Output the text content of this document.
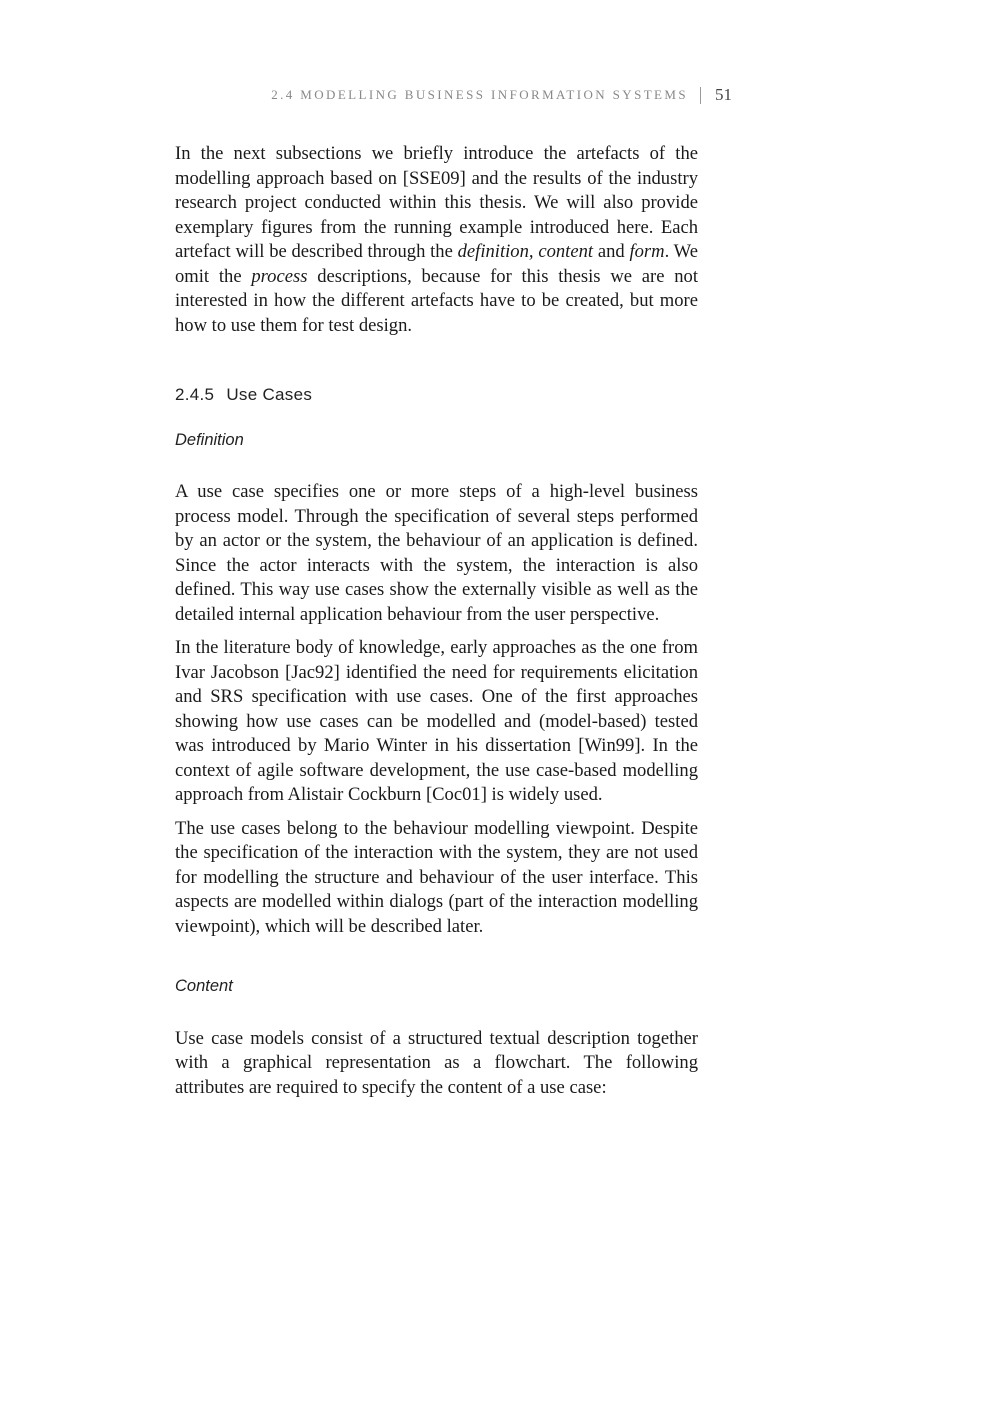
2.4 MODELLING BUSINESS INFORMATION SYSTEMS 51

In the next subsections we briefly introduce the artefacts of the modelling approach based on [SSE09] and the results of the industry research project conducted within this thesis. We will also provide exemplary figures from the running example introduced here. Each artefact will be described through the definition, content and form. We omit the process descriptions, because for this thesis we are not interested in how the different artefacts have to be created, but more how to use them for test design.

2.4.5 Use Cases
Definition

A use case specifies one or more steps of a high-level business process model. Through the specification of several steps performed by an actor or the system, the behaviour of an application is defined. Since the actor interacts with the system, the interaction is also defined. This way use cases show the externally visible as well as the detailed internal application behaviour from the user perspective.

In the literature body of knowledge, early approaches as the one from Ivar Jacobson [Jac92] identified the need for requirements elicitation and SRS specification with use cases. One of the first approaches showing how use cases can be modelled and (model-based) tested was introduced by Mario Winter in his dissertation [Win99]. In the context of agile software development, the use case-based modelling approach from Alistair Cockburn [Coc01] is widely used.

The use cases belong to the behaviour modelling viewpoint. Despite the specification of the interaction with the system, they are not used for modelling the structure and behaviour of the user interface. This aspects are modelled within dialogs (part of the interaction modelling viewpoint), which will be described later.

Content

Use case models consist of a structured textual description together with a graphical representation as a flowchart. The following attributes are required to specify the content of a use case:
